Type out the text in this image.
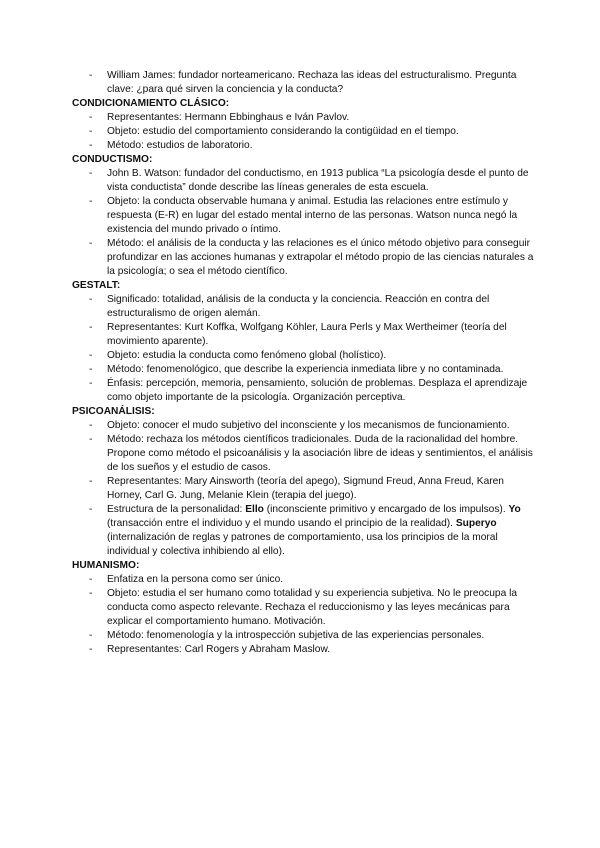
- William James: fundador norteamericano. Rechaza las ideas del estructuralismo. Pregunta clave: ¿para qué sirven la conciencia y la conducta?

CONDICIONAMIENTO CLÁSICO:

- Representantes: Hermann Ebbinghaus e Iván Pavlov.
- Objeto: estudio del comportamiento considerando la contigüidad en el tiempo.
- Método: estudios de laboratorio.

CONDUCTISMO:

- John B. Watson: fundador del conductismo, en 1913 publica “La psicología desde el punto de vista conductista” donde describe las líneas generales de esta escuela.
- Objeto: la conducta observable humana y animal. Estudia las relaciones entre estímulo y respuesta (E-R) en lugar del estado mental interno de las personas. Watson nunca negó la existencia del mundo privado o íntimo.
- Método: el análisis de la conducta y las relaciones es el único método objetivo para conseguir profundizar en las acciones humanas y extrapolar el método propio de las ciencias naturales a la psicología; o sea el método científico.

GESTALT:

- Significado: totalidad, análisis de la conducta y la conciencia. Reacción en contra del estructuralismo de origen alemán.
- Representantes: Kurt Koffka, Wolfgang Köhler, Laura Perls y Max Wertheimer (teoría del movimiento aparente).
- Objeto: estudia la conducta como fenómeno global (holístico).
- Método: fenomenológico, que describe la experiencia inmediata libre y no contaminada.
- Énfasis: percepción, memoria, pensamiento, solución de problemas. Desplaza el aprendizaje como objeto importante de la psicología. Organización perceptiva.

PSICOANÁLISIS:

- Objeto: conocer el mudo subjetivo del inconsciente y los mecanismos de funcionamiento.
- Método: rechaza los métodos científicos tradicionales. Duda de la racionalidad del hombre. Propone como método el psicoanálisis y la asociación libre de ideas y sentimientos, el análisis de los sueños y el estudio de casos.
- Representantes: Mary Ainsworth (teoría del apego), Sigmund Freud, Anna Freud, Karen Horney, Carl G. Jung, Melanie Klein (terapia del juego).
- Estructura de la personalidad: Ello (inconsciente primitivo y encargado de los impulsos). Yo (transacción entre el individuo y el mundo usando el principio de la realidad). Superyo (internalización de reglas y patrones de comportamiento, usa los principios de la moral individual y colectiva inhibiendo al ello).

HUMANISMO:

- Enfatiza en la persona como ser único.
- Objeto: estudia el ser humano como totalidad y su experiencia subjetiva. No le preocupa la conducta como aspecto relevante. Rechaza el reduccionismo y las leyes mecánicas para explicar el comportamiento humano. Motivación.
- Método: fenomenología y la introspección subjetiva de las experiencias personales.
- Representantes: Carl Rogers y Abraham Maslow.
